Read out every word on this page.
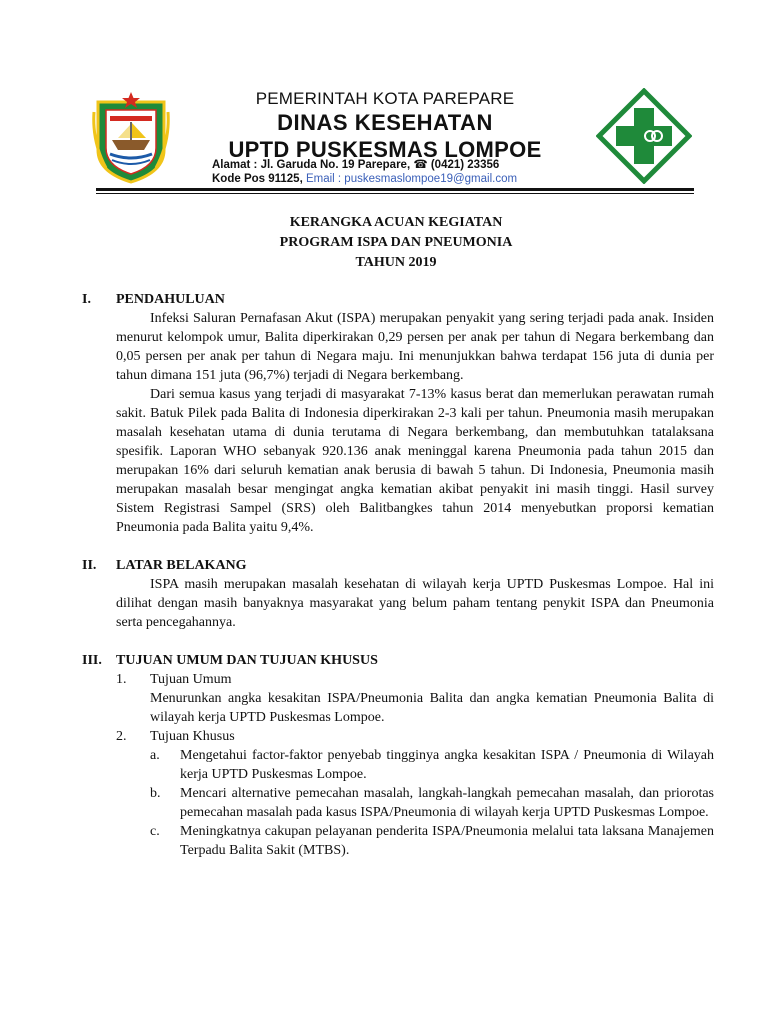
PEMERINTAH KOTA PAREPARE
DINAS KESEHATAN
UPTD PUSKESMAS LOMPOE
Alamat : Jl. Garuda No. 19 Parepare, ☎ (0421) 23356
Kode Pos 91125, Email : puskesmaslompoe19@gmail.com
KERANGKA ACUAN KEGIATAN
PROGRAM ISPA DAN PNEUMONIA
TAHUN 2019
I. PENDAHULUAN

Infeksi Saluran Pernafasan Akut (ISPA) merupakan penyakit yang sering terjadi pada anak. Insiden menurut kelompok umur, Balita diperkirakan 0,29 persen per anak per tahun di Negara berkembang dan 0,05 persen per anak per tahun di Negara maju. Ini menunjukkan bahwa terdapat 156 juta di dunia per tahun dimana 151 juta (96,7%) terjadi di Negara berkembang.

Dari semua kasus yang terjadi di masyarakat 7-13% kasus berat dan memerlukan perawatan rumah sakit. Batuk Pilek pada Balita di Indonesia diperkirakan 2-3 kali per tahun. Pneumonia masih merupakan masalah kesehatan utama di dunia terutama di Negara berkembang, dan membutuhkan tatalaksana spesifik. Laporan WHO sebanyak 920.136 anak meninggal karena Pneumonia pada tahun 2015 dan merupakan 16% dari seluruh kematian anak berusia di bawah 5 tahun. Di Indonesia, Pneumonia masih merupakan masalah besar mengingat angka kematian akibat penyakit ini masih tinggi. Hasil survey Sistem Registrasi Sampel (SRS) oleh Balitbangkes tahun 2014 menyebutkan proporsi kematian Pneumonia pada Balita yaitu 9,4%.

II. LATAR BELAKANG

ISPA masih merupakan masalah kesehatan di wilayah kerja UPTD Puskesmas Lompoe. Hal ini dilihat dengan masih banyaknya masyarakat yang belum paham tentang penykit ISPA dan Pneumonia serta pencegahannya.

III. TUJUAN UMUM DAN TUJUAN KHUSUS
1. Tujuan Umum
Menurunkan angka kesakitan ISPA/Pneumonia Balita dan angka kematian Pneumonia Balita di wilayah kerja UPTD Puskesmas Lompoe.
2. Tujuan Khusus
a. Mengetahui factor-faktor penyebab tingginya angka kesakitan ISPA / Pneumonia di Wilayah kerja UPTD Puskesmas Lompoe.
b. Mencari alternative pemecahan masalah, langkah-langkah pemecahan masalah, dan priorotas pemecahan masalah pada kasus ISPA/Pneumonia di wilayah kerja UPTD Puskesmas Lompoe.
c. Meningkatnya cakupan pelayanan penderita ISPA/Pneumonia melalui tata laksana Manajemen Terpadu Balita Sakit (MTBS).
